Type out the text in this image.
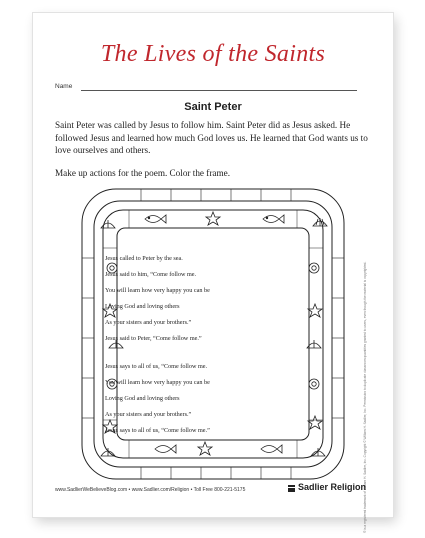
The Lives of the Saints
Name
Saint Peter
Saint Peter was called by Jesus to follow him. Saint Peter did as Jesus asked. He followed Jesus and learned how much God loves us. He learned that God wants us to love ourselves and others.
Make up actions for the poem. Color the frame.
Jesus called to Peter by the sea.
Jesus said to him, “Come follow me.
You will learn how very happy you can be
Loving God and loving others
As your sisters and your brothers.”
Jesus said to Peter, “Come follow me.”
Jesus says to all of us, “Come follow me.
You will learn how very happy you can be
Loving God and loving others
As your sisters and your brothers.”
Jesus says to all of us, “Come follow me.”	® is a registered trademark of William H. Sadlier, Inc. Copyright © William H. Sadlier, Inc. Permission to duplicate classroom quantities granted to users, even though the material is copyrighted.
www.SadlierWeBelieveBlog.com • www.Sadlier.com/Religion • Toll Free 800-221-5175	Sadlier Religion
